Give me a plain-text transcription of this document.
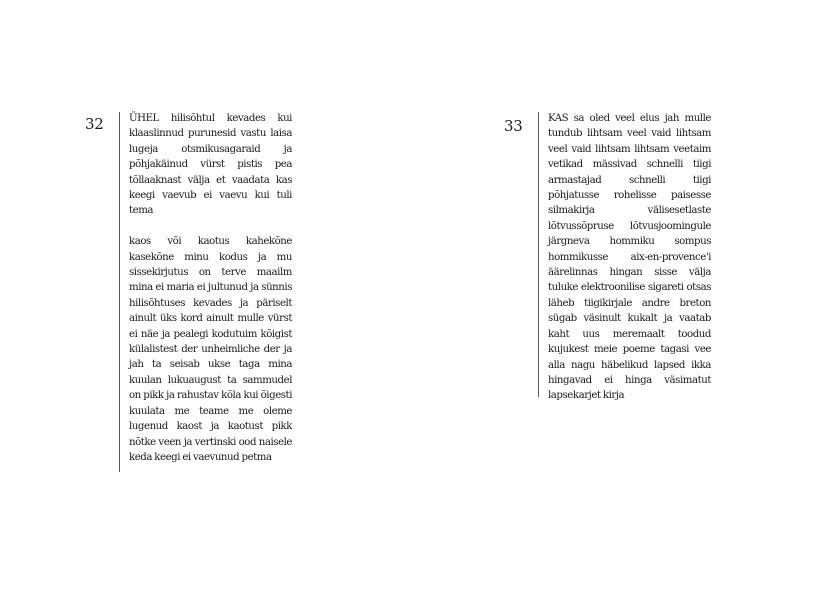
32	ÜHEL hilisõhtul kevades kui klaaslinnud purunesid vastu laisa lugeja otsmikusagaraid ja põhjakäinud vürst pistis pea tõllaaknast välja et vaadata kas keegi vaevub ei vaevu kui tuli tema

kaos või kaotus kahekõne kasekõne minu kodus ja mu sissekirjutus on terve maailm mina ei maria ei jultunud ja sünnis hilisõhtuses kevades ja päriselt ainult üks kord ainult mulle vürst ei näe ja pealegi kodutuim kõigist külalistest der unheimliche der ja jah ta seisab ukse taga mina kuulan lukuaugust ta sammudel on pikk ja rahustav kõla kui õigesti kuulata me teame me oleme lugenud kaost ja kaotust pikk nõtke veen ja vertinski ood naisele keda keegi ei vaevunud petma

33	KAS sa oled veel elus jah mulle tundub lihtsam veel vaid lihtsam veel vaid lihtsam lihtsam veetaim vetikad mässivad schnelli tiigi armastajad schnelli tiigi põhjatusse rohelisse paisesse silmakirja välisesetlaste lõtvussõpruse lõtvusjoomingule järgneva hommiku sompus hommikusse aix-en-provence'i äärelinnas hingan sisse välja tuluke elektroonilise sigareti otsas läheb tiigikirjale andre breton sügab väsinult kukalt ja vaatab kaht uus meremaalt toodud kujukest meie poeme tagasi vee alla nagu häbelikud lapsed ikka hingavad ei hinga väsimatut lapsekarjet kirja
